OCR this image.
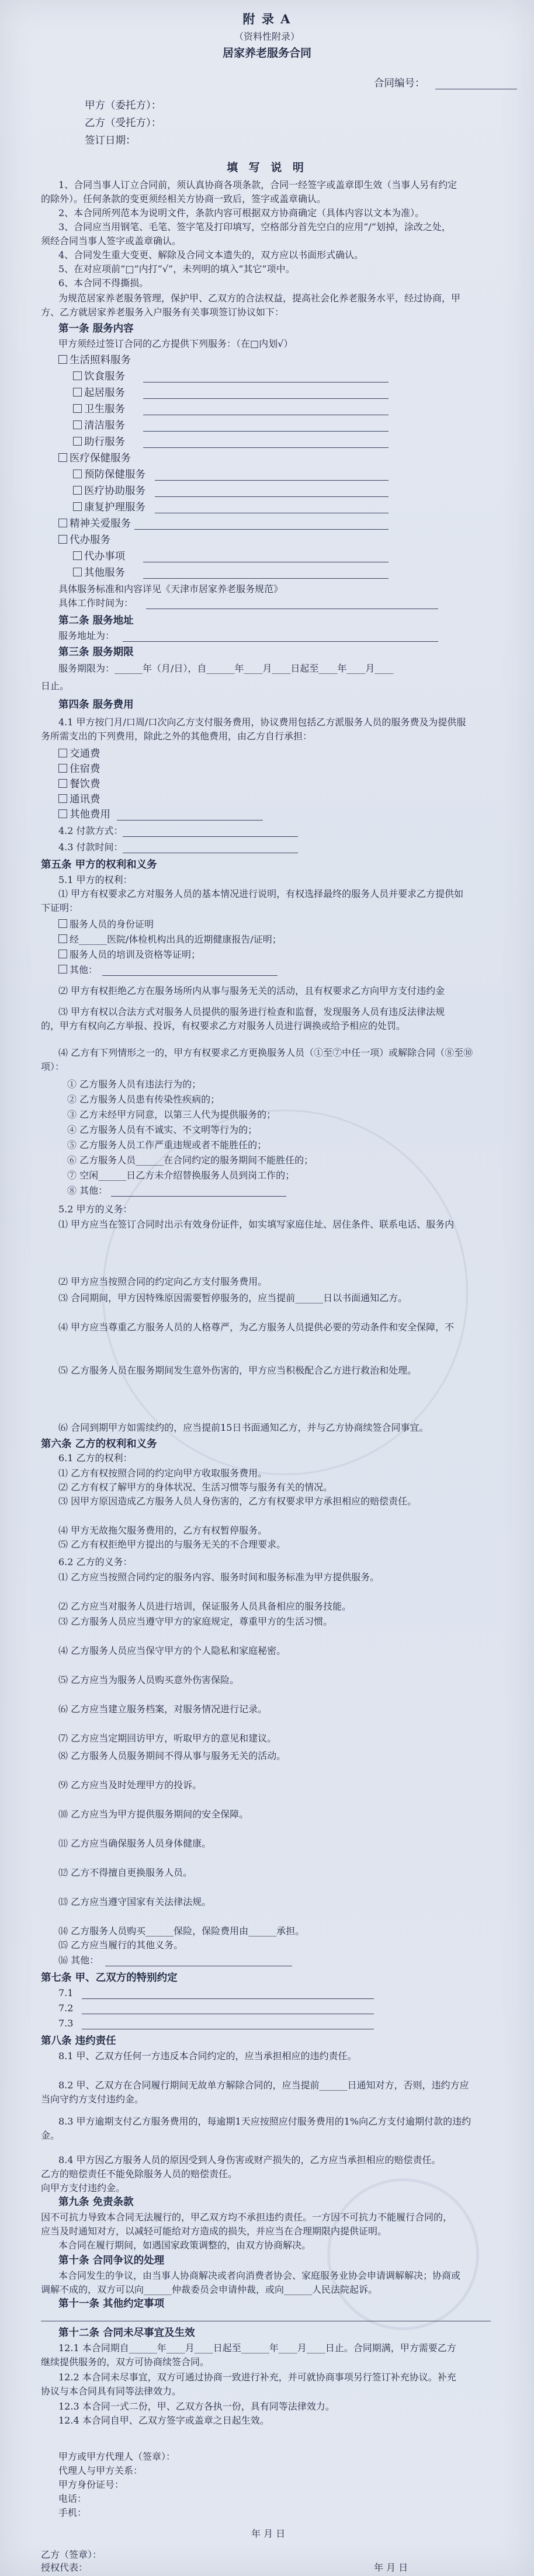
附 录 A
（资料性附录）
居家养老服务合同
合同编号：
甲方（委托方）：
乙方（受托方）：
签订日期：
填 写 说 明
1、合同当事人订立合同前，须认真协商各项条款，合同一经签字或盖章即生效（当事人另有约定
的除外）。任何条款的变更须经相关方协商一致后，签字或盖章确认。
2、本合同所列范本为说明文件，条款内容可根据双方协商确定（具体内容以文本为准）。
3、合同应当用钢笔、毛笔、签字笔及打印填写，空格部分首先空白的应用“/”划掉，涂改之处，
须经合同当事人签字或盖章确认。
4、合同发生重大变更、解除及合同文本遗失的，双方应以书面形式确认。
5、在对应项前“□”内打“√”，未列明的填入“其它”项中。
6、本合同不得撕损。
为规范居家养老服务管理，保护甲、乙双方的合法权益，提高社会化养老服务水平，经过协商，甲
方、乙方就居家养老服务入户服务有关事项签订协议如下：
第一条 服务内容
甲方须经过签订合同的乙方提供下列服务：（在□内划√）
生活照料服务
饮食服务
起居服务
卫生服务
清洁服务
助行服务
医疗保健服务
预防保健服务
医疗协助服务
康复护理服务
精神关爱服务
代办服务
代办事项
其他服务
具体服务标准和内容详见《天津市居家养老服务规范》
具体工作时间为：
第二条 服务地址
服务地址为：
第三条 服务期限
服务期限为：______年（月/日），自______年____月____日起至____年____月____
日止。
第四条 服务费用
4.1 甲方按门月/口周/口次向乙方支付服务费用，协议费用包括乙方派服务人员的服务费及为提供服
务所需支出的下列费用，除此之外的其他费用，由乙方自行承担：
交通费
住宿费
餐饮费
通讯费
其他费用
4.2 付款方式：
4.3 付款时间：
第五条 甲方的权利和义务
5.1 甲方的权利：
⑴ 甲方有权要求乙方对服务人员的基本情况进行说明，有权选择最终的服务人员并要求乙方提供如
下证明：
服务人员的身份证明
经______医院/体检机构出具的近期健康报告/证明；
服务人员的培训及资格等证明；
其他：
⑵ 甲方有权拒绝乙方在服务场所内从事与服务无关的活动，且有权要求乙方向甲方支付违约金
⑶ 甲方有权以合法方式对服务人员提供的服务进行检查和监督，发现服务人员有违反法律法规
的，甲方有权向乙方举报、投诉，有权要求乙方对服务人员进行调换或给予相应的处罚。
⑷ 乙方有下列情形之一的，甲方有权要求乙方更换服务人员（①至⑦中任一项）或解除合同（⑧至⑩
项）：
① 乙方服务人员有违法行为的；
② 乙方服务人员患有传染性疾病的；
③ 乙方未经甲方同意，以第三人代为提供服务的；
④ 乙方服务人员有不诚实、不文明等行为的；
⑤ 乙方服务人员工作严重违规或者不能胜任的；
⑥ 乙方服务人员______在合同约定的服务期间不能胜任的；
⑦ 空闲______日乙方未介绍替换服务人员到岗工作的；
⑧ 其他：
5.2 甲方的义务：
⑴ 甲方应当在签订合同时出示有效身份证件，如实填写家庭住址、居住条件、联系电话、服务内
⑵ 甲方应当按照合同的约定向乙方支付服务费用。
⑶ 合同期间，甲方因特殊原因需要暂停服务的，应当提前______日以书面通知乙方。
⑷ 甲方应当尊重乙方服务人员的人格尊严，为乙方服务人员提供必要的劳动条件和安全保障，不
⑸ 乙方服务人员在服务期间发生意外伤害的，甲方应当积极配合乙方进行救治和处理。
⑹ 合同到期甲方如需续约的，应当提前15日书面通知乙方，并与乙方协商续签合同事宜。
第六条 乙方的权利和义务
6.1 乙方的权利：
⑴ 乙方有权按照合同的约定向甲方收取服务费用。
⑵ 乙方有权了解甲方的身体状况、生活习惯等与服务有关的情况。
⑶ 因甲方原因造成乙方服务人员人身伤害的，乙方有权要求甲方承担相应的赔偿责任。
⑷ 甲方无故拖欠服务费用的，乙方有权暂停服务。
⑸ 乙方有权拒绝甲方提出的与服务无关的不合理要求。
6.2 乙方的义务：
⑴ 乙方应当按照合同约定的服务内容、服务时间和服务标准为甲方提供服务。
⑵ 乙方应当对服务人员进行培训，保证服务人员具备相应的服务技能。
⑶ 乙方服务人员应当遵守甲方的家庭规定，尊重甲方的生活习惯。
⑷ 乙方服务人员应当保守甲方的个人隐私和家庭秘密。
⑸ 乙方应当为服务人员购买意外伤害保险。
⑹ 乙方应当建立服务档案，对服务情况进行记录。
⑺ 乙方应当定期回访甲方，听取甲方的意见和建议。
⑻ 乙方服务人员服务期间不得从事与服务无关的活动。
⑼ 乙方应当及时处理甲方的投诉。
⑽ 乙方应当为甲方提供服务期间的安全保障。
⑾ 乙方应当确保服务人员身体健康。
⑿ 乙方不得擅自更换服务人员。
⒀ 乙方应当遵守国家有关法律法规。
⒁ 乙方服务人员购买______保险，保险费用由______承担。
⒂ 乙方应当履行的其他义务。
⒃ 其他：
第七条 甲、乙双方的特别约定
7.1
7.2
7.3
第八条 违约责任
8.1 甲、乙双方任何一方违反本合同约定的，应当承担相应的违约责任。
8.2 甲、乙双方在合同履行期间无故单方解除合同的，应当提前______日通知对方，否则，违约方应
当向守约方支付违约金。
8.3 甲方逾期支付乙方服务费用的，每逾期1天应按照应付服务费用的1%向乙方支付逾期付款的违约
金。
8.4 甲方因乙方服务人员的原因受到人身伤害或财产损失的，乙方应当承担相应的赔偿责任。
乙方的赔偿责任不能免除服务人员的赔偿责任。
向甲方支付违约金。
第九条 免责条款
因不可抗力导致本合同无法履行的，甲乙双方均不承担违约责任。一方因不可抗力不能履行合同的，
应当及时通知对方，以减轻可能给对方造成的损失，并应当在合理期限内提供证明。
本合同在履行期间，如遇国家政策调整的，由双方协商解决。
第十条 合同争议的处理
本合同发生的争议，由当事人协商解决或者向消费者协会、家庭服务业协会申请调解解决；协商或
调解不成的，双方可以向______仲裁委员会申请仲裁，或向______人民法院起诉。
第十一条 其他约定事项
第十二条 合同未尽事宜及生效
12.1 本合同期自______年____月____日起至______年____月____日止。合同期满，甲方需要乙方
继续提供服务的，双方可协商续签合同。
12.2 本合同未尽事宜，双方可通过协商一致进行补充，并可就协商事项另行签订补充协议。补充
协议与本合同具有同等法律效力。
12.3 本合同一式二份，甲、乙双方各执一份，具有同等法律效力。
12.4 本合同自甲、乙双方签字或盖章之日起生效。
甲方或甲方代理人（签章）：
代理人与甲方关系：
甲方身份证号：
电话：
手机：
年 月 日
乙方（签章）：
授权代表：	年 月 日
